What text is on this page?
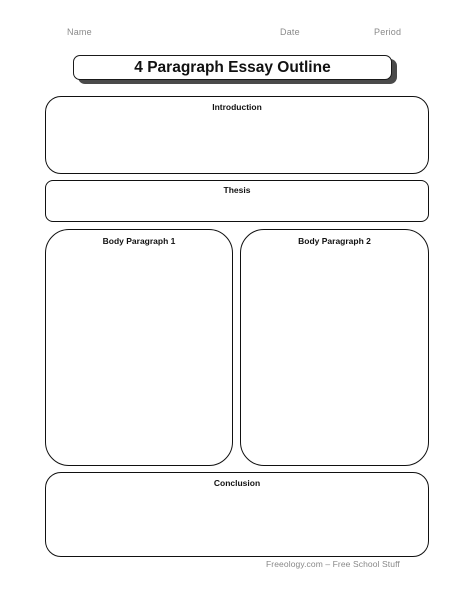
Name	Date	Period
4 Paragraph Essay Outline
Introduction
Thesis
Body Paragraph 1	Body Paragraph 2
Conclusion
Freeology.com – Free School Stuff
